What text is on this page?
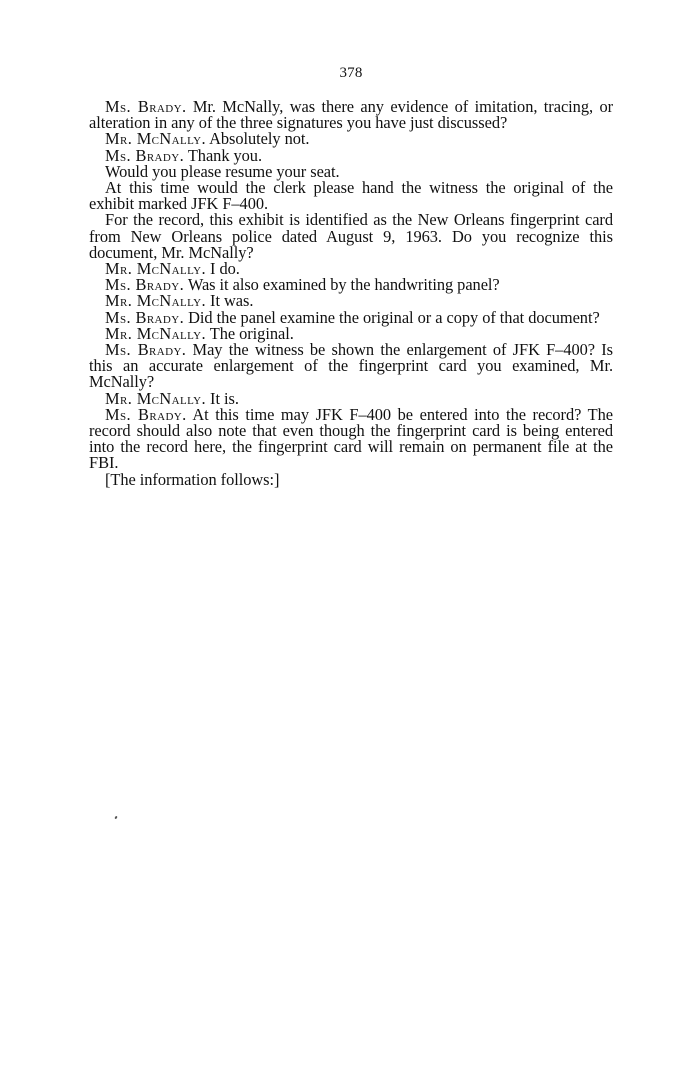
378

Ms. Brady. Mr. McNally, was there any evidence of imitation, tracing, or alteration in any of the three signatures you have just discussed?

Mr. McNally. Absolutely not.

Ms. Brady. Thank you.

Would you please resume your seat.

At this time would the clerk please hand the witness the original of the exhibit marked JFK F–400.

For the record, this exhibit is identified as the New Orleans fingerprint card from New Orleans police dated August 9, 1963. Do you recognize this document, Mr. McNally?

Mr. McNally. I do.

Ms. Brady. Was it also examined by the handwriting panel?

Mr. McNally. It was.

Ms. Brady. Did the panel examine the original or a copy of that document?

Mr. McNally. The original.

Ms. Brady. May the witness be shown the enlargement of JFK F–400? Is this an accurate enlargement of the fingerprint card you examined, Mr. McNally?

Mr. McNally. It is.

Ms. Brady. At this time may JFK F–400 be entered into the record? The record should also note that even though the fingerprint card is being entered into the record here, the fingerprint card will remain on permanent file at the FBI.

[The information follows:]
